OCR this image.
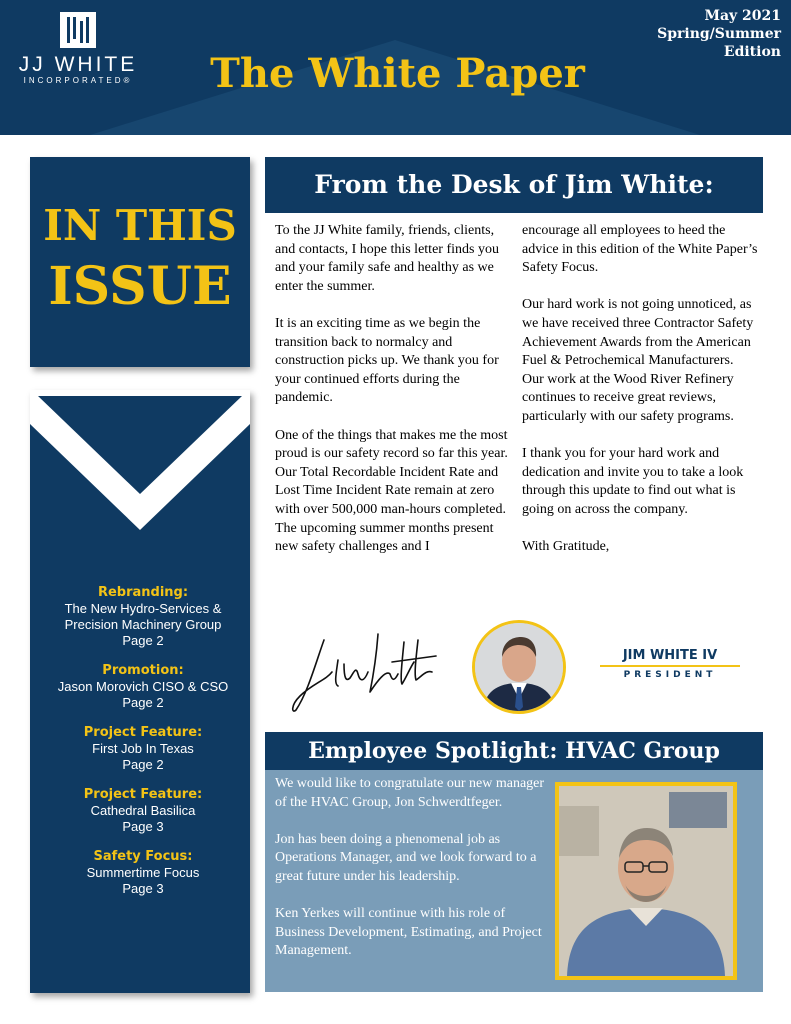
JJ WHITE
INCORPORATED® The White Paper
May 2021
Spring/Summer
Edition
IN THIS
ISSUE
Rebranding:
The New Hydro-Services & Precision Machinery Group
Page 2
Promotion:
Jason Morovich CISO & CSO
Page 2
Project Feature:
First Job In Texas
Page 2
Project Feature:
Cathedral Basilica
Page 3
Safety Focus:
Summertime Focus
Page 3
From the Desk of Jim White:

To the JJ White family, friends, clients, and contacts, I hope this letter finds you and your family safe and healthy as we enter the summer.

It is an exciting time as we begin the transition back to normalcy and construction picks up. We thank you for your continued efforts during the pandemic.

One of the things that makes me the most proud is our safety record so far this year. Our Total Recordable Incident Rate and Lost Time Incident Rate remain at zero with over 500,000 man-hours completed. The upcoming summer months present new safety challenges and I

encourage all employees to heed the advice in this edition of the White Paper’s Safety Focus.

Our hard work is not going unnoticed, as we have received three Contractor Safety Achievement Awards from the American Fuel & Petrochemical Manufacturers. Our work at the Wood River Refinery continues to receive great reviews, particularly with our safety programs.

I thank you for your hard work and dedication and invite you to take a look through this update to find out what is going on across the company.

With Gratitude,

JIM WHITE IV
PRESIDENT
Employee Spotlight: HVAC Group

We would like to congratulate our new manager of the HVAC Group, Jon Schwerdtfeger.

Jon has been doing a phenomenal job as Operations Manager, and we look forward to a great future under his leadership.

Ken Yerkes will continue with his role of Business Development, Estimating, and Project Management.
